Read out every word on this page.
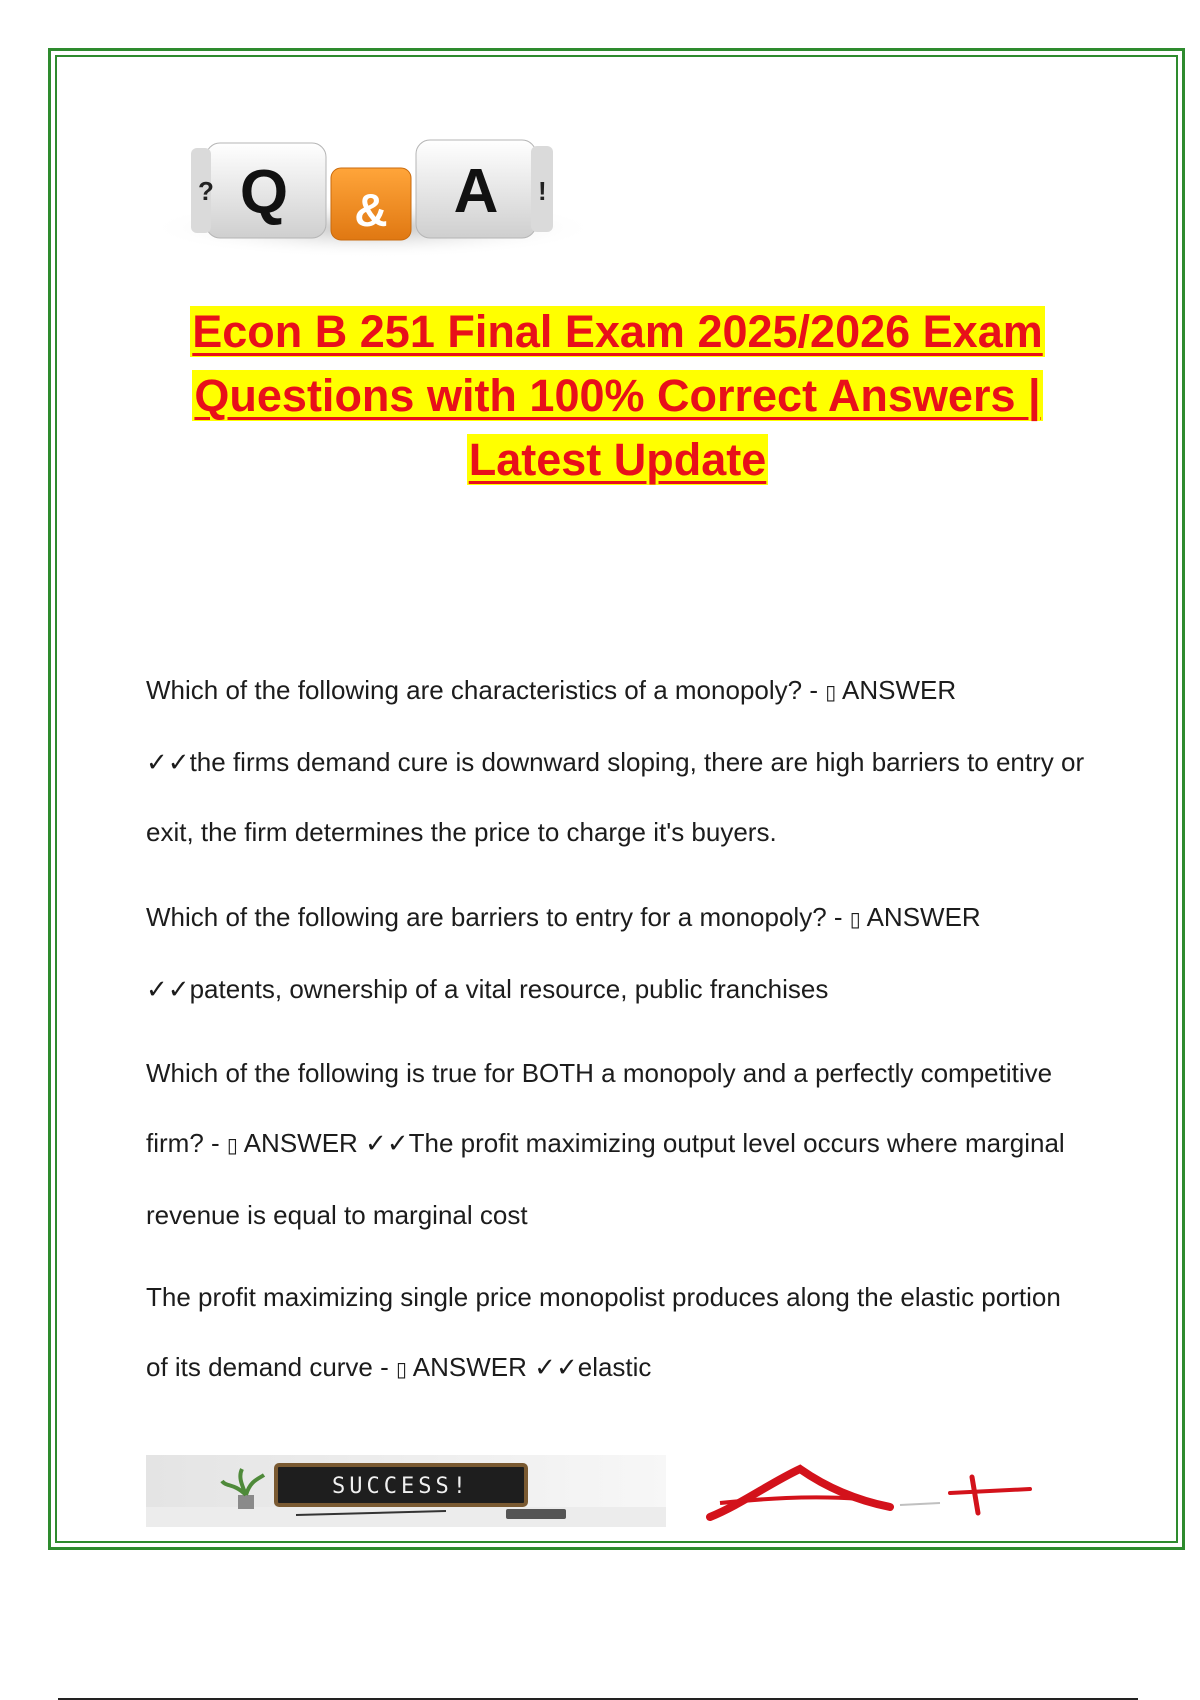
? Q & A !
Econ B 251 Final Exam 2025/2026 Exam
Questions with 100% Correct Answers |
Latest Update
Which of the following are characteristics of a monopoly? - ▯ ANSWER
✓✓the firms demand cure is downward sloping, there are high barriers to entry or exit, the firm determines the price to charge it's buyers.
Which of the following are barriers to entry for a monopoly? - ▯ ANSWER
✓✓patents, ownership of a vital resource, public franchises
Which of the following is true for BOTH a monopoly and a perfectly competitive firm? - ▯ ANSWER ✓✓The profit maximizing output level occurs where marginal revenue is equal to marginal cost
The profit maximizing single price monopolist produces along the elastic portion of its demand curve - ▯ ANSWER ✓✓elastic
SUCCESS!
